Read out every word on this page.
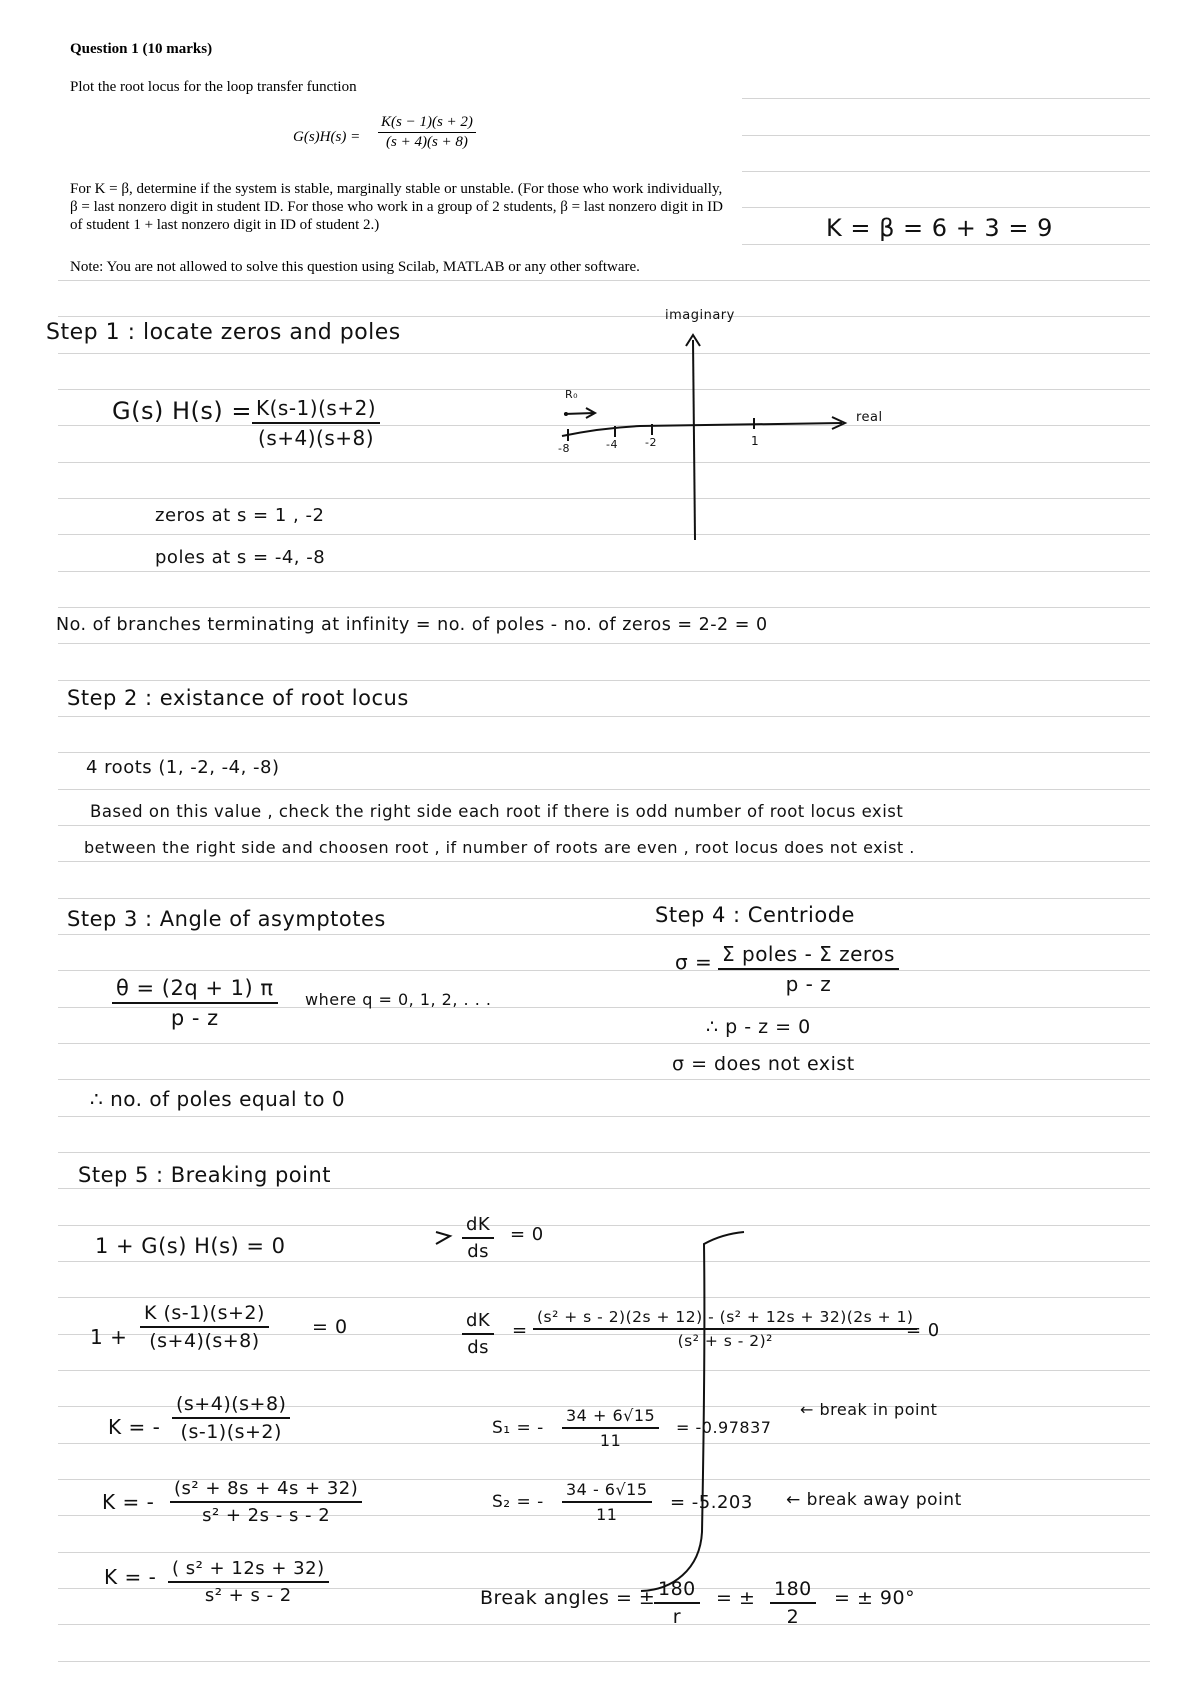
Question 1 (10 marks)
Plot the root locus for the loop transfer function
$G(s)H(s) = \frac{K(s - 1)(s + 2)}{(s + 4)(s + 8)}$
For K = β, determine if the system is stable, marginally stable or unstable. (For those who work individually, β = last nonzero digit in student ID. For those who work in a group of 2 students, β = last nonzero digit in ID of student 1 + last nonzero digit in ID of student 2.)
Note: You are not allowed to solve this question using Scilab, MATLAB or any other software.
K = β = 6 + 3 = 9
Step 1 : locate zeros and poles
G(s) $H(s) = \frac{K(s-1)(s+2)}{(s+4)(s+8)}$
zeros at s = 1 , -2
poles at s = -4, -8
imaginary
real
R₀
-8	-4 -2	1
No. of branches terminating at infinity = no. of poles - no. of zeros = 2-2 = 0
Step 2 : existance of root locus
4 roots (1, -2, -4, -8)
Based on this value , check the right side each root if there is odd number of root locus exist
between the right side and choosen root , if number of roots are even , root locus does not exist .
Step 3 : Angle of asymptotes
$\frac{\theta = (2q + 1) \pi}{p - z}$ where q = 0, 1, 2, . . .
∴ no. of poles equal to 0
Step 4 : Centriode
σ = Σ poles - Σ zeros
p - z
∴ p - z = 0
σ = does not exist
Step 5 : Breaking point
1 + G(s) H(s) = 0
$1 + \frac{K (s-1)(s+2)}{(s+4)(s+8)} = 0$
K = - $\frac{(s+4)(s+8)}{(s-1)(s+2)}$
K = - $\frac{\text{(s² + 8s + 4s + 32)}}{\text{s² + 2s - s - 2}}$
K = - $\frac{\text{( s² + 12s + 32)}}{\text{s² + s - 2}}$
$\frac{dK}{ds} = 0$
$\frac{dK}{ds} = \frac{\text{(s² + s - 2)(2s + 12) - (s² + 12s + 32)(2s + 1)}}{\text{(s² + s - 2)²}}$
= 0
S₁ = - $\frac{34 + 6√15}{11} = -0.97837$
← break in point
S₂ = - $\frac{34 - 6√15}{11} = -5.203$ ← break away point
Break angles = ±
$\frac{180}{r}$ = ± $\frac{180}{2}$ = ± 90°
